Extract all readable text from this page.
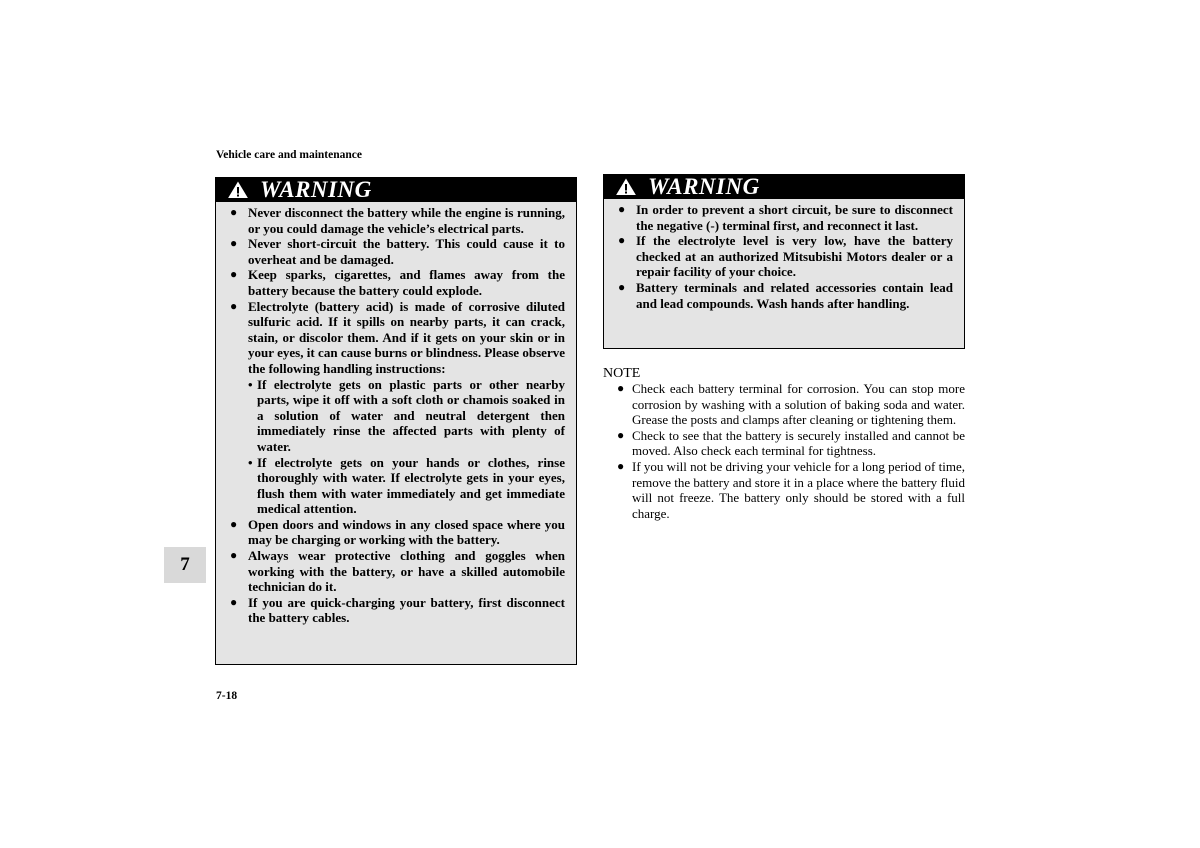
Vehicle care and maintenance
WARNING
● Never disconnect the battery while the engine is running, or you could damage the vehicle’s electrical parts.
● Never short-circuit the battery. This could cause it to overheat and be damaged.
● Keep sparks, cigarettes, and flames away from the battery because the battery could explode.
● Electrolyte (battery acid) is made of corrosive diluted sulfuric acid. If it spills on nearby parts, it can crack, stain, or discolor them. And if it gets on your skin or in your eyes, it can cause burns or blindness. Please observe the following handling instructions:
• If electrolyte gets on plastic parts or other nearby parts, wipe it off with a soft cloth or chamois soaked in a solution of water and neutral detergent then immediately rinse the affected parts with plenty of water.
• If electrolyte gets on your hands or clothes, rinse thoroughly with water. If electrolyte gets in your eyes, flush them with water immediately and get immediate medical attention.
● Open doors and windows in any closed space where you may be charging or working with the battery.
● Always wear protective clothing and goggles when working with the battery, or have a skilled automobile technician do it.
● If you are quick-charging your battery, first disconnect the battery cables.
WARNING
● In order to prevent a short circuit, be sure to disconnect the negative (-) terminal first, and reconnect it last.
● If the electrolyte level is very low, have the battery checked at an authorized Mitsubishi Motors dealer or a repair facility of your choice.
● Battery terminals and related accessories contain lead and lead compounds. Wash hands after handling.
NOTE
● Check each battery terminal for corrosion. You can stop more corrosion by washing with a solution of baking soda and water. Grease the posts and clamps after cleaning or tightening them.
● Check to see that the battery is securely installed and cannot be moved. Also check each terminal for tightness.
● If you will not be driving your vehicle for a long period of time, remove the battery and store it in a place where the battery fluid will not freeze. The battery only should be stored with a full charge.
7
7-18
